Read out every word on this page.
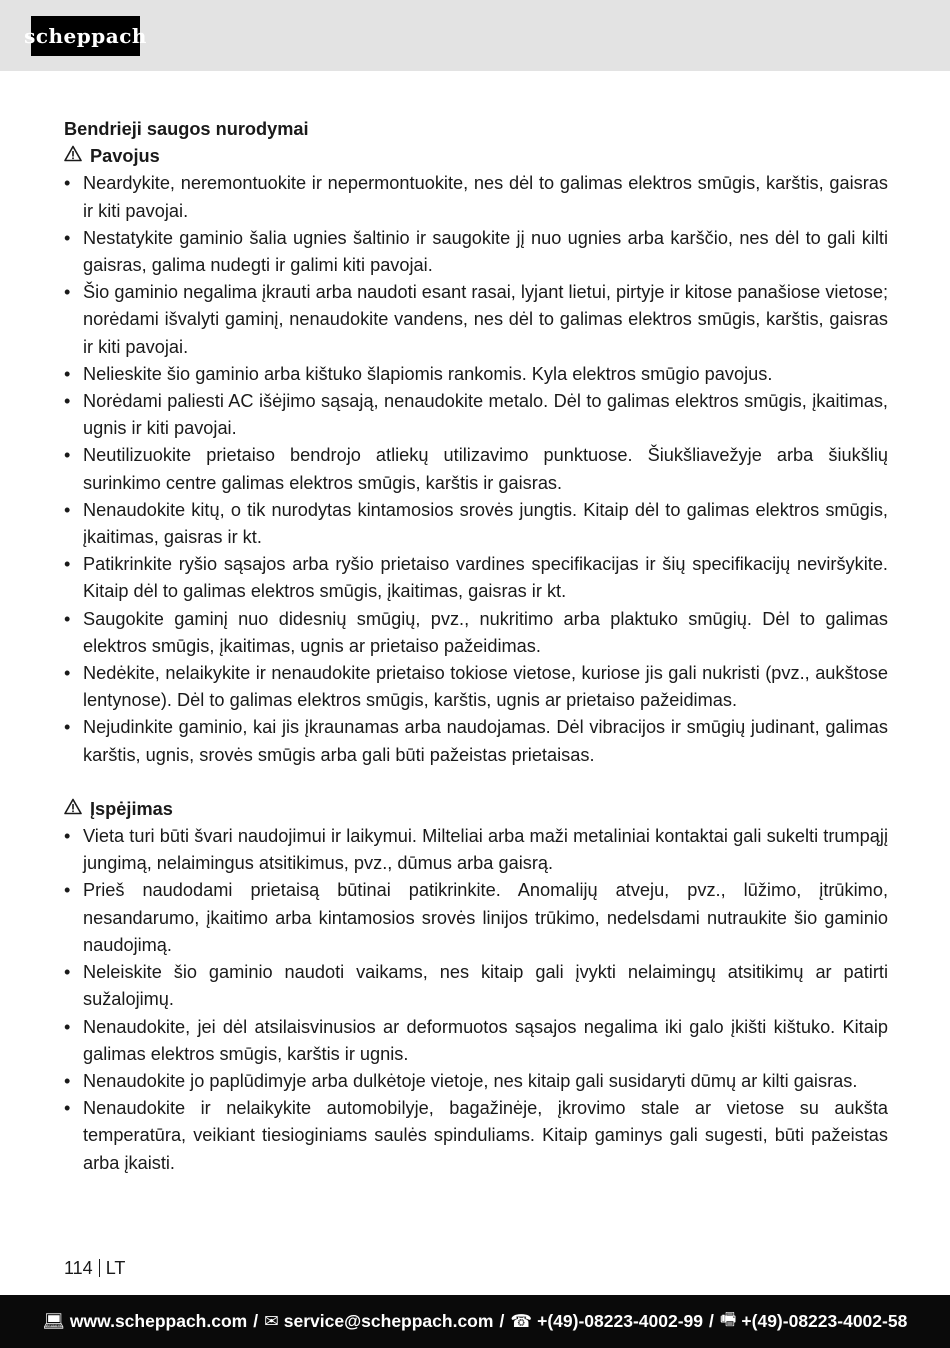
scheppach

Bendrieji saugos nurodymai

Pavojus

• Neardykite, neremontuokite ir nepermontuokite, nes dėl to galimas elektros smūgis, karštis, gaisras ir kiti pavojai.
• Nestatykite gaminio šalia ugnies šaltinio ir saugokite jį nuo ugnies arba karščio, nes dėl to gali kilti gaisras, galima nudegti ir galimi kiti pavojai.
• Šio gaminio negalima įkrauti arba naudoti esant rasai, lyjant lietui, pirtyje ir kitose panašiose vietose; norėdami išvalyti gaminį, nenaudokite vandens, nes dėl to galimas elektros smūgis, karštis, gaisras ir kiti pavojai.
• Nelieskite šio gaminio arba kištuko šlapiomis rankomis. Kyla elektros smūgio pavojus.
• Norėdami paliesti AC išėjimo sąsają, nenaudokite metalo. Dėl to galimas elektros smūgis, įkaitimas, ugnis ir kiti pavojai.
• Neutilizuokite prietaiso bendrojo atliekų utilizavimo punktuose. Šiukšliavežyje arba šiukšlių surinkimo centre galimas elektros smūgis, karštis ir gaisras.
• Nenaudokite kitų, o tik nurodytas kintamosios srovės jungtis. Kitaip dėl to galimas elektros smūgis, įkaitimas, gaisras ir kt.
• Patikrinkite ryšio sąsajos arba ryšio prietaiso vardines specifikacijas ir šių specifikacijų neviršykite. Kitaip dėl to galimas elektros smūgis, įkaitimas, gaisras ir kt.
• Saugokite gaminį nuo didesnių smūgių, pvz., nukritimo arba plaktuko smūgių. Dėl to galimas elektros smūgis, įkaitimas, ugnis ar prietaiso pažeidimas.
• Nedėkite, nelaikykite ir nenaudokite prietaiso tokiose vietose, kuriose jis gali nukristi (pvz., aukštose lentynose). Dėl to galimas elektros smūgis, karštis, ugnis ar prietaiso pažeidimas.
• Nejudinkite gaminio, kai jis įkraunamas arba naudojamas. Dėl vibracijos ir smūgių judinant, galimas karštis, ugnis, srovės smūgis arba gali būti pažeistas prietaisas.

Įspėjimas

• Vieta turi būti švari naudojimui ir laikymui. Milteliai arba maži metaliniai kontaktai gali sukelti trumpąjį jungimą, nelaimingus atsitikimus, pvz., dūmus arba gaisrą.
• Prieš naudodami prietaisą būtinai patikrinkite. Anomalijų atveju, pvz., lūžimo, įtrūkimo, nesandarumo, įkaitimo arba kintamosios srovės linijos trūkimo, nedelsdami nutraukite šio gaminio naudojimą.
• Neleiskite šio gaminio naudoti vaikams, nes kitaip gali įvykti nelaimingų atsitikimų ar patirti sužalojimų.
• Nenaudokite, jei dėl atsilaisvinusios ar deformuotos sąsajos negalima iki galo įkišti kištuko. Kitaip galimas elektros smūgis, karštis ir ugnis.
• Nenaudokite jo paplūdimyje arba dulkėtoje vietoje, nes kitaip gali susidaryti dūmų ar kilti gaisras.
• Nenaudokite ir nelaikykite automobilyje, bagažinėje, įkrovimo stale ar vietose su aukšta temperatūra, veikiant tiesioginiams saulės spinduliams. Kitaip gaminys gali sugesti, būti pažeistas arba įkaisti.
114 LT
💻︎ www.scheppach.com / ✉︎ service@scheppach.com / ☎ +(49)-08223-4002-99 / 🖷︎ +(49)-08223-4002-58
